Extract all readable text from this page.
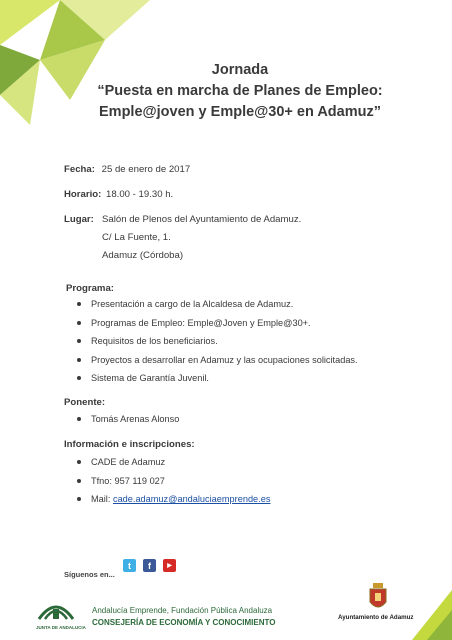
Jornada
“Puesta en marcha de Planes de Empleo:
Emple@joven y Emple@30+ en Adamuz”
Fecha: 25 de enero de 2017
Horario: 18.00 - 19.30 h.
Lugar: Salón de Plenos del Ayuntamiento de Adamuz.
C/ La Fuente, 1.
Adamuz (Córdoba)
Programa:
Presentación a cargo de la Alcaldesa de Adamuz.
Programas de Empleo: Emple@Joven y Emple@30+.
Requisitos de los beneficiarios.
Proyectos a desarrollar en Adamuz y las ocupaciones solicitadas.
Sistema de Garantía Juvenil.
Ponente:
Tomás Arenas Alonso
Información e inscripciones:
CADE de Adamuz
Tfno: 957 119 027
Mail: cade.adamuz@andaluciaemprende.es
Síguenos en...
t	f	▶
JUNTA DE ANDALUCIA
Andalucía Emprende, Fundación Pública Andaluza
CONSEJERÍA DE ECONOMÍA Y CONOCIMIENTO
Ayuntamiento de Adamuz
